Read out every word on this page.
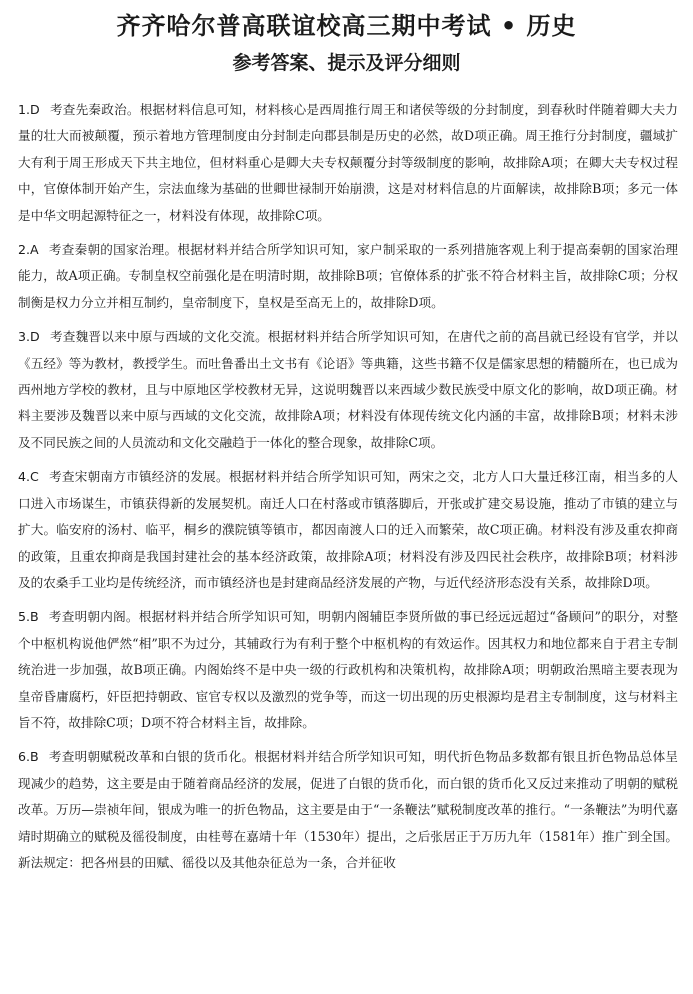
齐齐哈尔普高联谊校高三期中考试 • 历史
参考答案、提示及评分细则

1.D 考查先秦政治。根据材料信息可知，材料核心是西周推行周王和诸侯等级的分封制度，到春秋时伴随着卿大夫力量的壮大而被颠覆，预示着地方管理制度由分封制走向郡县制是历史的必然，故D项正确。周王推行分封制度，疆域扩大有利于周王形成天下共主地位，但材料重心是卿大夫专权颠覆分封等级制度的影响，故排除A项；在卿大夫专权过程中，官僚体制开始产生，宗法血缘为基础的世卿世禄制开始崩溃，这是对材料信息的片面解读，故排除B项；多元一体是中华文明起源特征之一，材料没有体现，故排除C项。

2.A 考查秦朝的国家治理。根据材料并结合所学知识可知，家户制采取的一系列措施客观上利于提高秦朝的国家治理能力，故A项正确。专制皇权空前强化是在明清时期，故排除B项；官僚体系的扩张不符合材料主旨，故排除C项；分权制衡是权力分立并相互制约，皇帝制度下，皇权是至高无上的，故排除D项。

3.D 考查魏晋以来中原与西域的文化交流。根据材料并结合所学知识可知，在唐代之前的高昌就已经设有官学，并以《五经》等为教材，教授学生。而吐鲁番出土文书有《论语》等典籍，这些书籍不仅是儒家思想的精髓所在，也已成为西州地方学校的教材，且与中原地区学校教材无异，这说明魏晋以来西域少数民族受中原文化的影响，故D项正确。材料主要涉及魏晋以来中原与西域的文化交流，故排除A项；材料没有体现传统文化内涵的丰富，故排除B项；材料未涉及不同民族之间的人员流动和文化交融趋于一体化的整合现象，故排除C项。

4.C 考查宋朝南方市镇经济的发展。根据材料并结合所学知识可知，两宋之交，北方人口大量迁移江南，相当多的人口进入市场谋生，市镇获得新的发展契机。南迁人口在村落或市镇落脚后，开张或扩建交易设施，推动了市镇的建立与扩大。临安府的汤村、临平，桐乡的濮院镇等镇市，都因南渡人口的迁入而繁荣，故C项正确。材料没有涉及重农抑商的政策，且重农抑商是我国封建社会的基本经济政策，故排除A项；材料没有涉及四民社会秩序，故排除B项；材料涉及的农桑手工业均是传统经济，而市镇经济也是封建商品经济发展的产物，与近代经济形态没有关系，故排除D项。

5.B 考查明朝内阁。根据材料并结合所学知识可知，明朝内阁辅臣李贤所做的事已经远远超过“备顾问”的职分，对整个中枢机构说他俨然“相”职不为过分，其辅政行为有利于整个中枢机构的有效运作。因其权力和地位都来自于君主专制统治进一步加强，故B项正确。内阁始终不是中央一级的行政机构和决策机构，故排除A项；明朝政治黑暗主要表现为皇帝昏庸腐朽，奸臣把持朝政、宦官专权以及激烈的党争等，而这一切出现的历史根源均是君主专制制度，这与材料主旨不符，故排除C项；D项不符合材料主旨，故排除。

6.B 考查明朝赋税改革和白银的货币化。根据材料并结合所学知识可知，明代折色物品多数都有银且折色物品总体呈现减少的趋势，这主要是由于随着商品经济的发展，促进了白银的货币化，而白银的货币化又反过来推动了明朝的赋税改革。万历—崇祯年间，银成为唯一的折色物品，这主要是由于“一条鞭法”赋税制度改革的推行。“一条鞭法”为明代嘉靖时期确立的赋税及徭役制度，由桂萼在嘉靖十年（1530年）提出，之后张居正于万历九年（1581年）推广到全国。新法规定：把各州县的田赋、徭役以及其他杂征总为一条，合并征收
